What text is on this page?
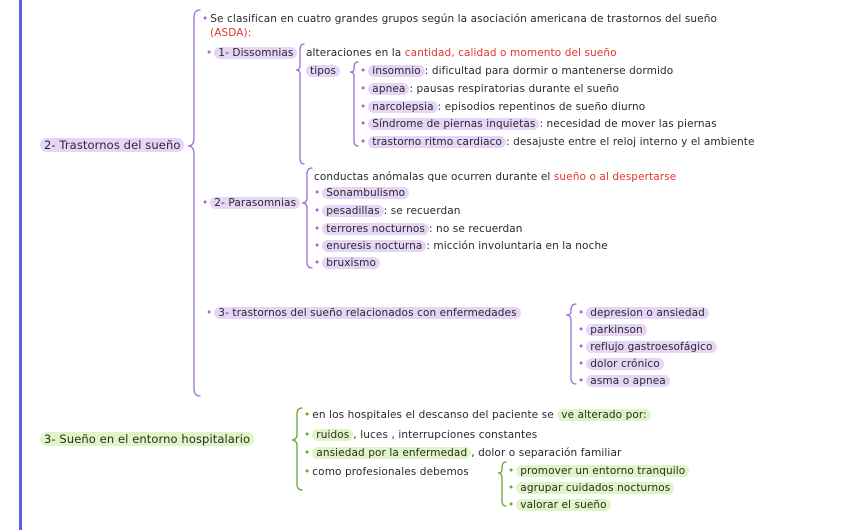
2- Trastornos del sueño
• Se clasifican en cuatro grandes grupos según la asociación americana de trastornos del sueño
(ASDA):
• 1- Dissomnias	alteraciones en la cantidad, calidad o momento del sueño
tipos	• insomnio : dificultad para dormir o mantenerse dormido
• apnea : pausas respiratorias durante el sueño
• narcolepsia : episodios repentinos de sueño diurno
• Síndrome de piernas inquietas : necesidad de mover las piernas
• trastorno ritmo cardiaco : desajuste entre el reloj interno y el ambiente
• 2- Parasomnias
conductas anómalas que ocurren durante el sueño o al despertarse
• Sonambulismo
• pesadillas : se recuerdan
• terrores nocturnos : no se recuerdan
• enuresis nocturna : micción involuntaria en la noche
• bruxismo
• 3- trastornos del sueño relacionados con enfermedades	• depresion o ansiedad
• parkinson
• reflujo gastroesofágico
• dolor crónico
• asma o apnea
3- Sueño en el entorno hospitalario
• en los hospitales el descanso del paciente se ve alterado por:
• ruidos , luces , interrupciones constantes
• ansiedad por la enfermedad , dolor o separación familiar
• como profesionales debemos	• promover un entorno tranquilo
• agrupar cuidados nocturnos
• valorar el sueño
